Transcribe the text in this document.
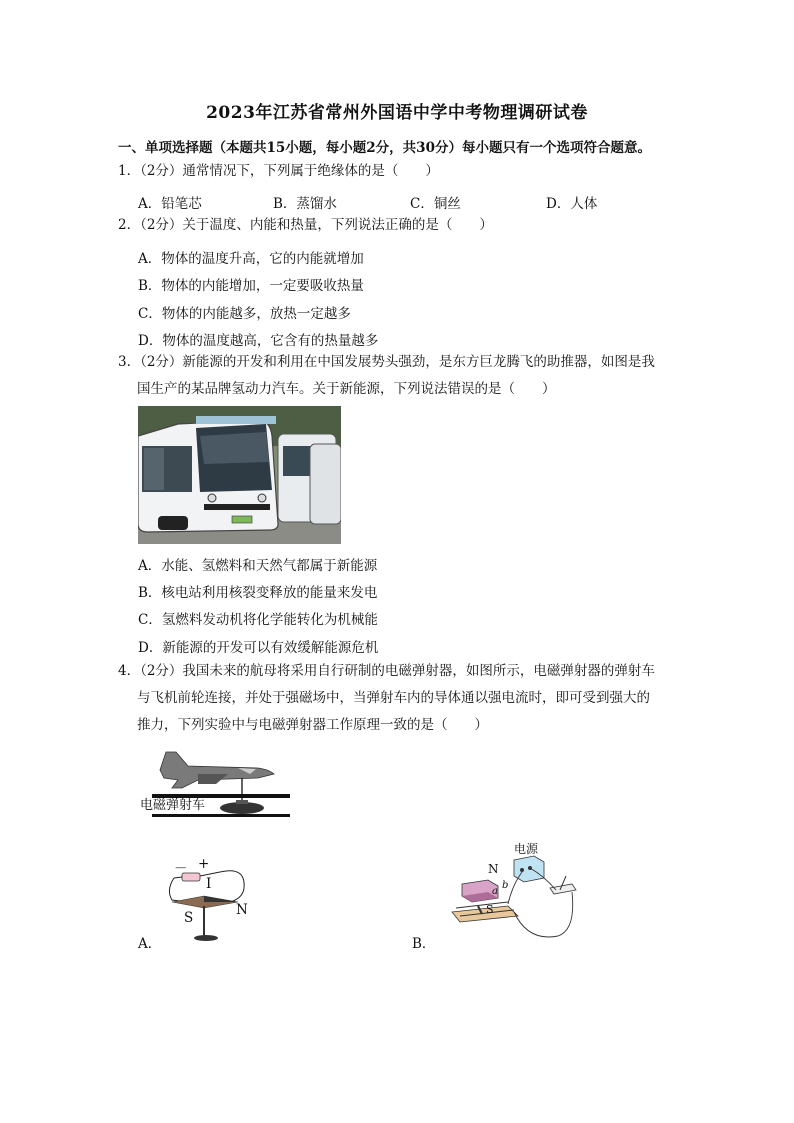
2023年江苏省常州外国语中学中考物理调研试卷
一、单项选择题（本题共15小题，每小题2分，共30分）每小题只有一个选项符合题意。
1．（2分）通常情况下，下列属于绝缘体的是（　　）
A．铅笔芯	B．蒸馏水	C．铜丝	D．人体
2．（2分）关于温度、内能和热量，下列说法正确的是（　　）
A．物体的温度升高，它的内能就增加
B．物体的内能增加，一定要吸收热量
C．物体的内能越多，放热一定越多
D．物体的温度越高，它含有的热量越多
3．（2分）新能源的开发和利用在中国发展势头强劲，是东方巨龙腾飞的助推器，如图是我
国生产的某品牌氢动力汽车。关于新能源，下列说法错误的是（　　）
A．水能、氢燃料和天然气都属于新能源
B．核电站利用核裂变释放的能量来发电
C．氢燃料发动机将化学能转化为机械能
D．新能源的开发可以有效缓解能源危机
4．（2分）我国未来的航母将采用自行研制的电磁弹射器，如图所示，电磁弹射器的弹射车
与飞机前轮连接，并处于强磁场中，当弹射车内的导体通以强电流时，即可受到强大的
推力，下列实验中与电磁弹射器工作原理一致的是（　　）
电磁弹射车
－ +
I
S	N
A．
电源
N
S
a
b
B．
